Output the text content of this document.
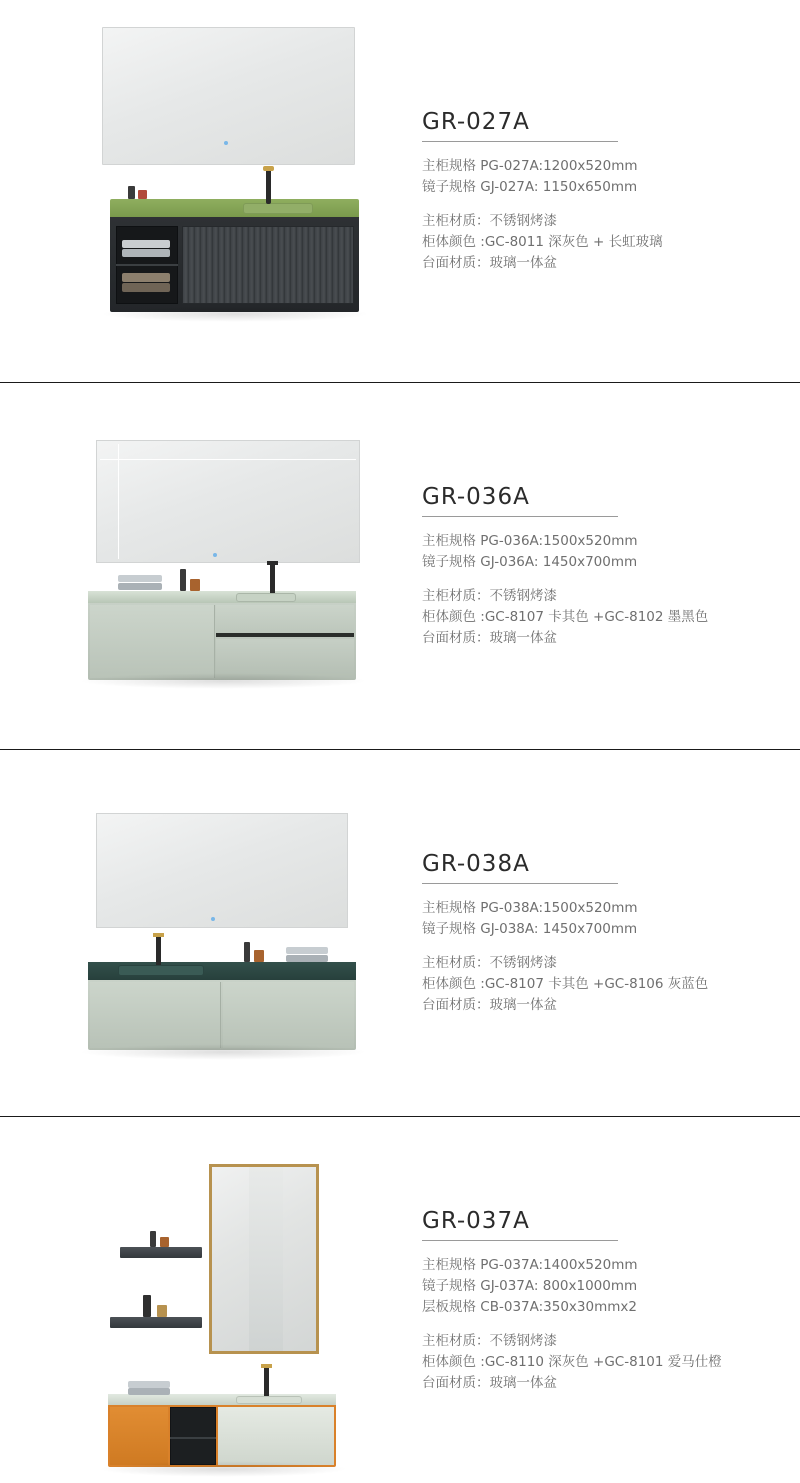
GR-027A
主柜规格 PG-027A:1200x520mm
镜子规格 GJ-027A: 1150x650mm
主柜材质：不锈钢烤漆
柜体颜色 :GC-8011 深灰色 + 长虹玻璃
台面材质：玻璃一体盆
GR-036A
主柜规格 PG-036A:1500x520mm
镜子规格 GJ-036A: 1450x700mm
主柜材质：不锈钢烤漆
柜体颜色 :GC-8107 卡其色 +GC-8102 墨黑色
台面材质：玻璃一体盆
GR-038A
主柜规格 PG-038A:1500x520mm
镜子规格 GJ-038A: 1450x700mm
主柜材质：不锈钢烤漆
柜体颜色 :GC-8107 卡其色 +GC-8106 灰蓝色
台面材质：玻璃一体盆
GR-037A
主柜规格 PG-037A:1400x520mm
镜子规格 GJ-037A: 800x1000mm
层板规格 CB-037A:350x30mmx2
主柜材质：不锈钢烤漆
柜体颜色 :GC-8110 深灰色 +GC-8101 爱马仕橙
台面材质：玻璃一体盆
